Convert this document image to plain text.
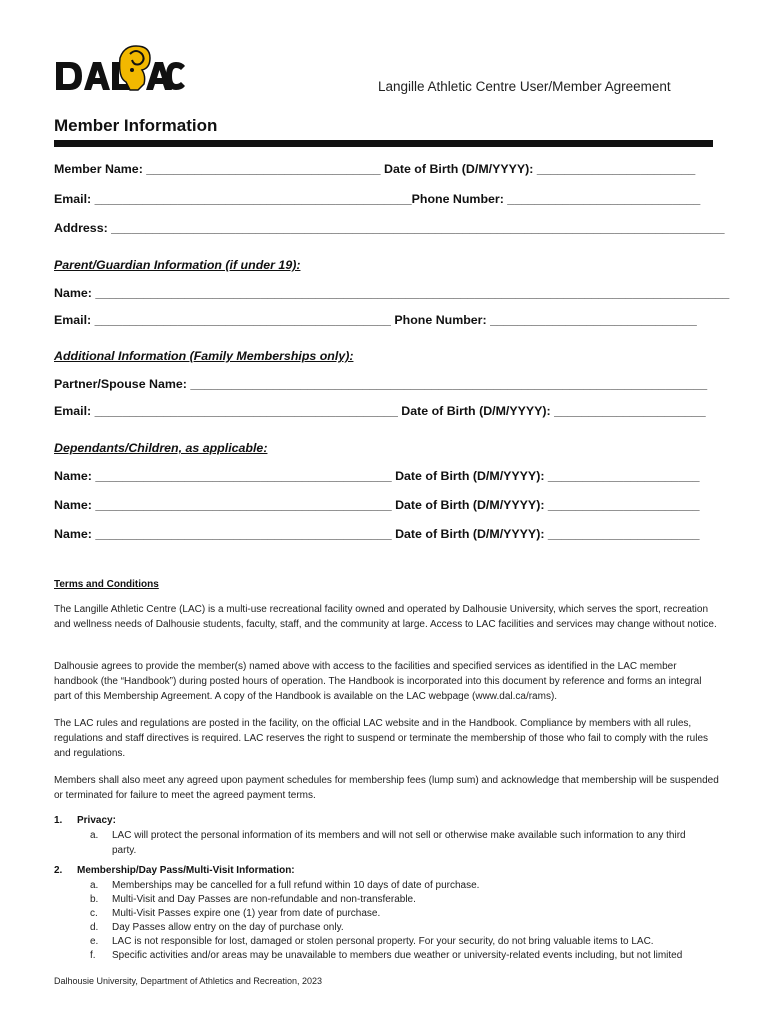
Langille Athletic Centre User/Member Agreement
Member Information
Member Name: __________________________________ Date of Birth (D/M/YYYY): _______________________
Email: ______________________________________________Phone Number: ____________________________
Address: _________________________________________________________________________________________
Parent/Guardian Information (if under 19):
Name: ____________________________________________________________________________________________
Email: ___________________________________________ Phone Number: ______________________________
Additional Information (Family Memberships only):
Partner/Spouse Name: ___________________________________________________________________________
Email: ____________________________________________ Date of Birth (D/M/YYYY): ______________________
Dependants/Children, as applicable:
Name: ___________________________________________ Date of Birth (D/M/YYYY): ______________________
Name: ___________________________________________ Date of Birth (D/M/YYYY): ______________________
Name: ___________________________________________ Date of Birth (D/M/YYYY): ______________________
Terms and Conditions
The Langille Athletic Centre (LAC) is a multi-use recreational facility owned and operated by Dalhousie University, which serves the sport, recreation and wellness needs of Dalhousie students, faculty, staff, and the community at large. Access to LAC facilities and services may change without notice.
Dalhousie agrees to provide the member(s) named above with access to the facilities and specified services as identified in the LAC member handbook (the “Handbook”) during posted hours of operation. The Handbook is incorporated into this document by reference and forms an integral part of this Membership Agreement. A copy of the Handbook is available on the LAC webpage (www.dal.ca/rams).
The LAC rules and regulations are posted in the facility, on the official LAC website and in the Handbook. Compliance by members with all rules, regulations and staff directives is required. LAC reserves the right to suspend or terminate the membership of those who fail to comply with the rules and regulations.
Members shall also meet any agreed upon payment schedules for membership fees (lump sum) and acknowledge that membership will be suspended or terminated for failure to meet the agreed payment terms.
1. Privacy:
a. LAC will protect the personal information of its members and will not sell or otherwise make available such information to any third party.
2. Membership/Day Pass/Multi-Visit Information:
a. Memberships may be cancelled for a full refund within 10 days of date of purchase.
b. Multi-Visit and Day Passes are non-refundable and non-transferable.
c. Multi-Visit Passes expire one (1) year from date of purchase.
d. Day Passes allow entry on the day of purchase only.
e. LAC is not responsible for lost, damaged or stolen personal property. For your security, do not bring valuable items to LAC.
f. Specific activities and/or areas may be unavailable to members due weather or university-related events including, but not limited
Dalhousie University, Department of Athletics and Recreation, 2023
